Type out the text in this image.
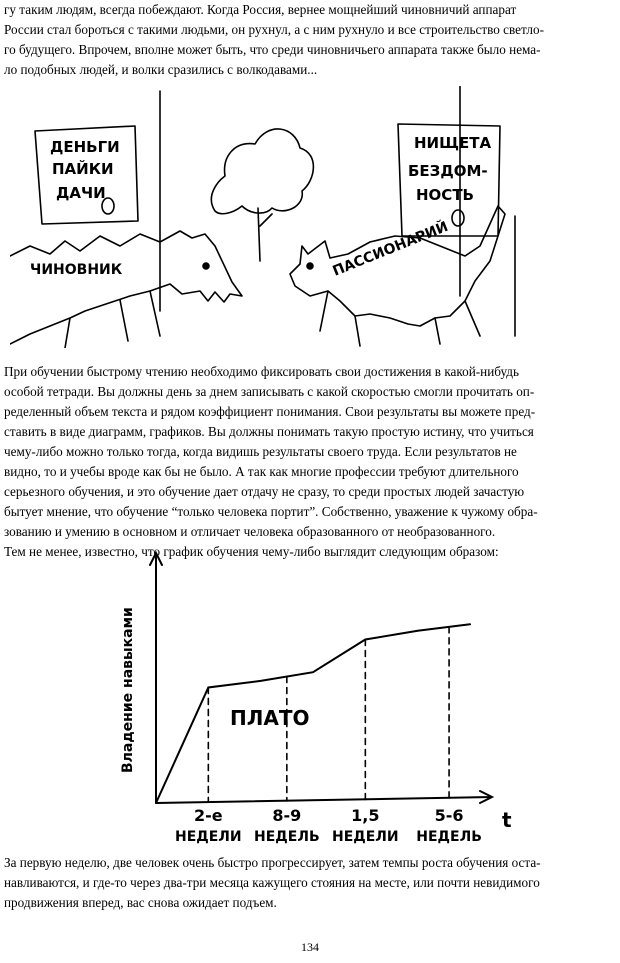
гу таким людям, всегда побеждают. Когда Россия, вернее мощнейший чиновничий аппарат
России стал бороться с такими людьми, он рухнул, а с ним рухнуло и все строительство светло-
го будущего. Впрочем, вполне может быть, что среди чиновничьего аппарата также было нема-
ло подобных людей, и волки сразились с волкодавами...
ДЕНЬГИ
ПАЙКИ
ДАЧИ
НИЩЕТА
БЕЗДОМ-
НОСТЬ
ЧИНОВНИК	ПАССИОНАРИЙ
При обучении быстрому чтению необходимо фиксировать свои достижения в какой-нибудь
особой тетради. Вы должны день за днем записывать с какой скоростью смогли прочитать оп-
ределенный объем текста и рядом коэффициент понимания. Свои результаты вы можете пред-
ставить в виде диаграмм, графиков. Вы должны понимать такую простую истину, что учиться
чему-либо можно только тогда, когда видишь результаты своего труда. Если результатов не
видно, то и учебы вроде как бы не было. А так как многие профессии требуют длительного
серьезного обучения, и это обучение дает отдачу не сразу, то среди простых людей зачастую
бытует мнение, что обучение “только человека портит”. Собственно, уважение к чужому обра-
зованию и умению в основном и отличает человека образованного от необразованного.
Тем не менее, известно, что график обучения чему-либо выглядит следующим образом:
Владение навыками
t
ПЛАТО
2-е
НЕДЕЛИ
8-9
НЕДЕЛЬ
1,5
НЕДЕЛИ
5-6
НЕДЕЛЬ
За первую неделю, две человек очень быстро прогрессирует, затем темпы роста обучения оста-
навливаются, и где-то через два-три месяца кажущего стояния на месте, или почти невидимого
продвижения вперед, вас снова ожидает подъем.
134
